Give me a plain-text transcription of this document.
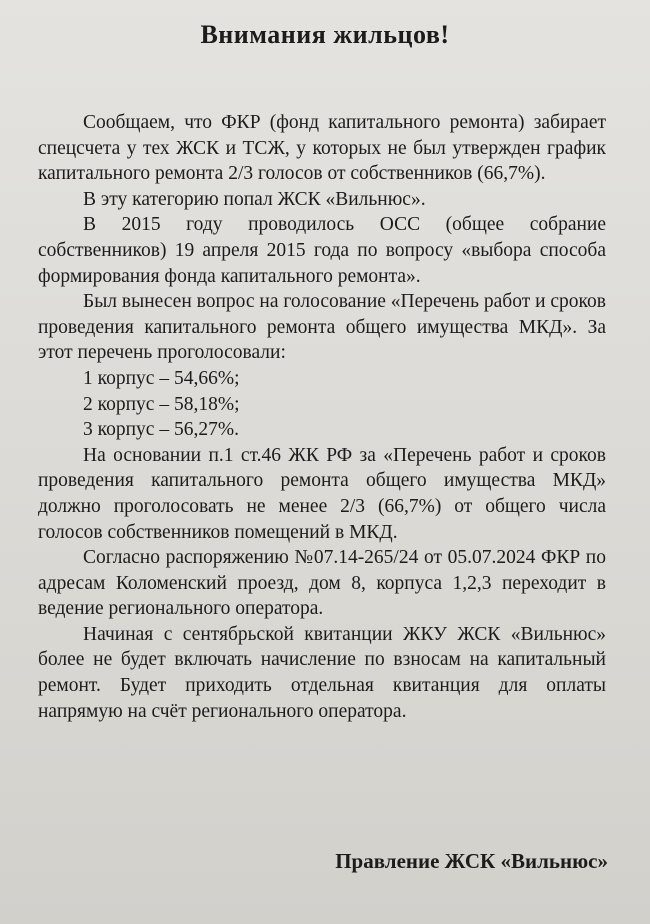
Внимания жильцов!

Сообщаем, что ФКР (фонд капитального ремонта) забирает спецсчета у тех ЖСК и ТСЖ, у которых не был утвержден график капитального ремонта 2/3 голосов от собственников (66,7%).

В эту категорию попал ЖСК «Вильнюс».

В 2015 году проводилось ОСС (общее собрание собственников) 19 апреля 2015 года по вопросу «выбора способа формирования фонда капитального ремонта».

Был вынесен вопрос на голосование «Перечень работ и сроков проведения капитального ремонта общего имущества МКД». За этот перечень проголосовали:

1 корпус – 54,66%;

2 корпус – 58,18%;

3 корпус – 56,27%.

На основании п.1 ст.46 ЖК РФ за «Перечень работ и сроков проведения капитального ремонта общего имущества МКД» должно проголосовать не менее 2/3 (66,7%) от общего числа голосов собственников помещений в МКД.

Согласно распоряжению №07.14-265/24 от 05.07.2024 ФКР по адресам Коломенский проезд, дом 8, корпуса 1,2,3 переходит в ведение регионального оператора.

Начиная с сентябрьской квитанции ЖКУ ЖСК «Вильнюс» более не будет включать начисление по взносам на капитальный ремонт. Будет приходить отдельная квитанция для оплаты напрямую на счёт регионального оператора.

Правление ЖСК «Вильнюс»
